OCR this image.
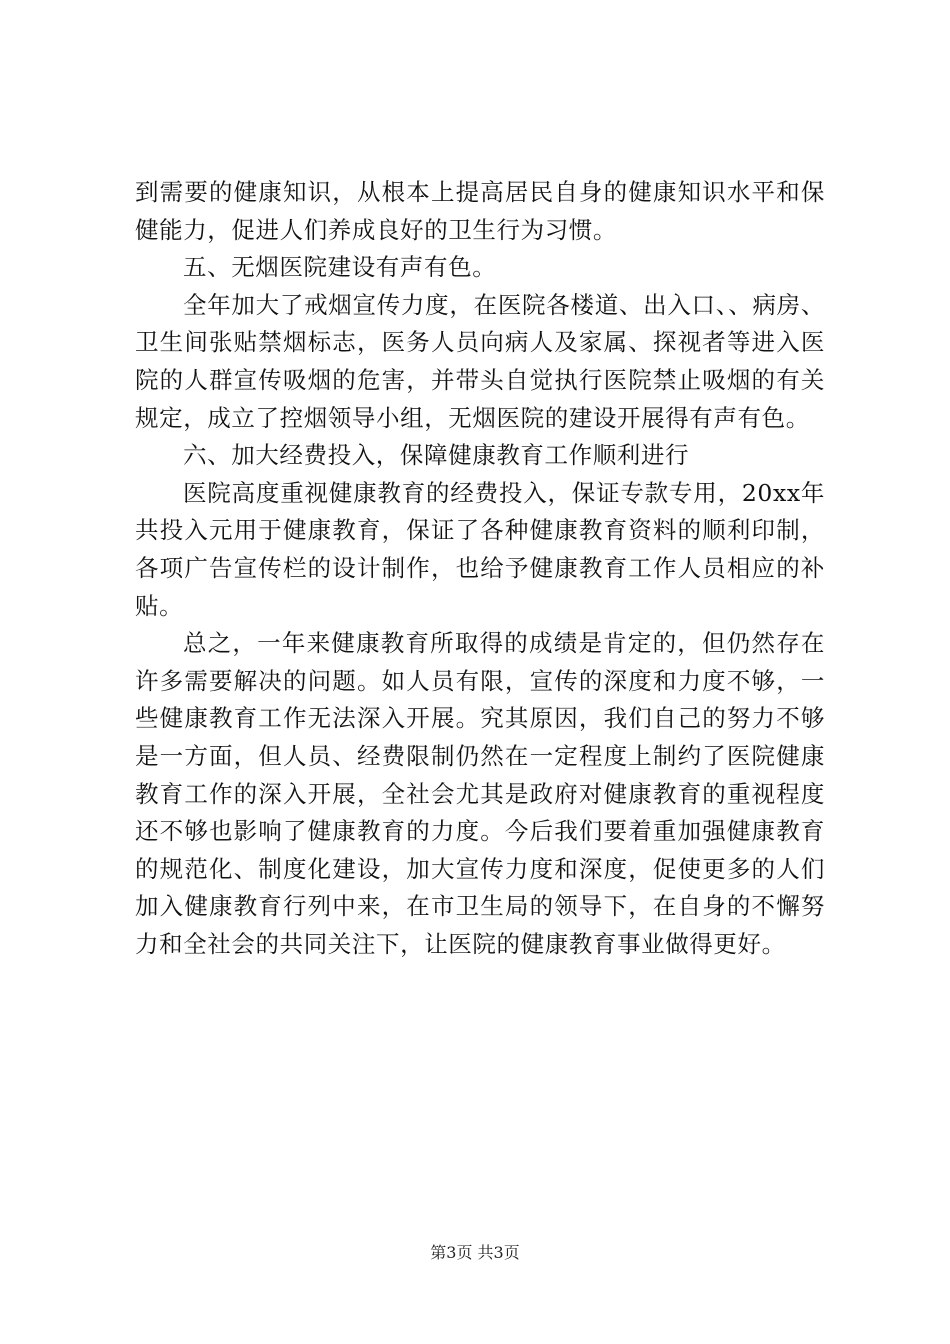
到需要的健康知识，从根本上提高居民自身的健康知识水平和保健能力，促进人们养成良好的卫生行为习惯。

五、无烟医院建设有声有色。

全年加大了戒烟宣传力度，在医院各楼道、出入口、、病房、卫生间张贴禁烟标志，医务人员向病人及家属、探视者等进入医院的人群宣传吸烟的危害，并带头自觉执行医院禁止吸烟的有关规定，成立了控烟领导小组，无烟医院的建设开展得有声有色。

六、加大经费投入，保障健康教育工作顺利进行

医院高度重视健康教育的经费投入，保证专款专用，20xx年共投入元用于健康教育，保证了各种健康教育资料的顺利印制，各项广告宣传栏的设计制作，也给予健康教育工作人员相应的补贴。

总之，一年来健康教育所取得的成绩是肯定的，但仍然存在许多需要解决的问题。如人员有限，宣传的深度和力度不够，一些健康教育工作无法深入开展。究其原因，我们自己的努力不够是一方面，但人员、经费限制仍然在一定程度上制约了医院健康教育工作的深入开展，全社会尤其是政府对健康教育的重视程度还不够也影响了健康教育的力度。今后我们要着重加强健康教育的规范化、制度化建设，加大宣传力度和深度，促使更多的人们加入健康教育行列中来，在市卫生局的领导下，在自身的不懈努力和全社会的共同关注下，让医院的健康教育事业做得更好。

第3页 共3页
